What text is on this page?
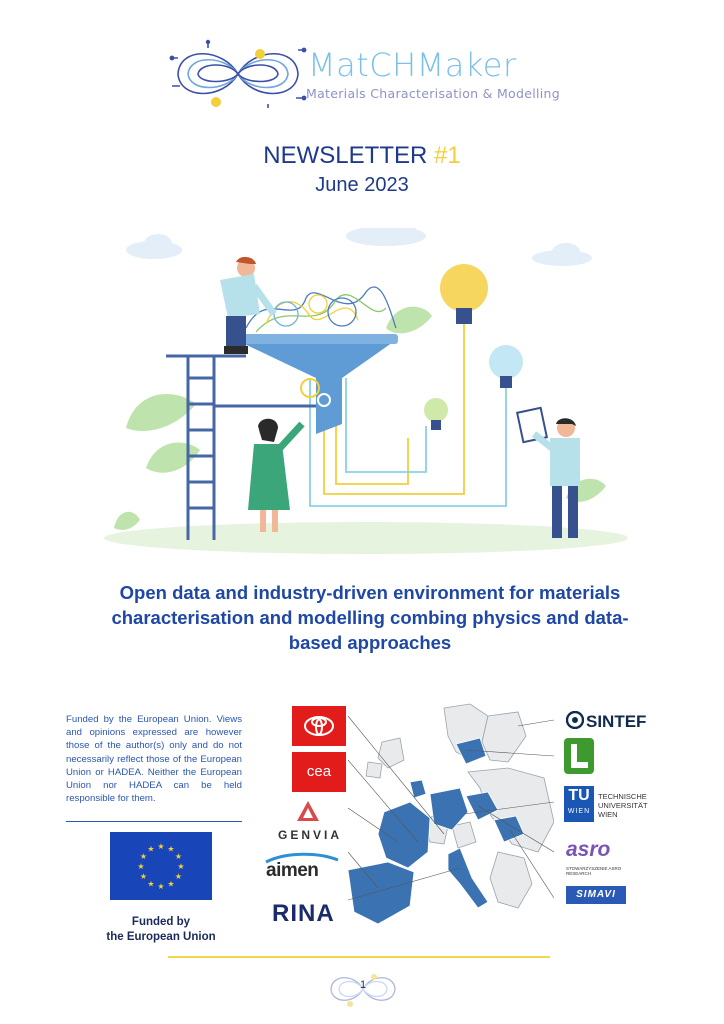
MatCHMaker
Materials Characterisation & Modelling
NEWSLETTER #1
June 2023
Open data and industry-driven environment for materials characterisation and modelling combing physics and data-based approaches
Funded by the European Union. Views and opinions expressed are however those of the author(s) only and do not necessarily reflect those of the European Union or HADEA. Neither the European Union nor HADEA can be held responsible for them.
★ ★
★
★
★
★
★
★
★
★
★
★
Funded by
the European Union
cea
GENVIA
aimen
RINA
SINTEF
TU
WIEN
TECHNISCHE
UNIVERSITÄT
WIEN
asro
STOWARZYSZENIE ASRO RESEARCH
SIMAVI
1
